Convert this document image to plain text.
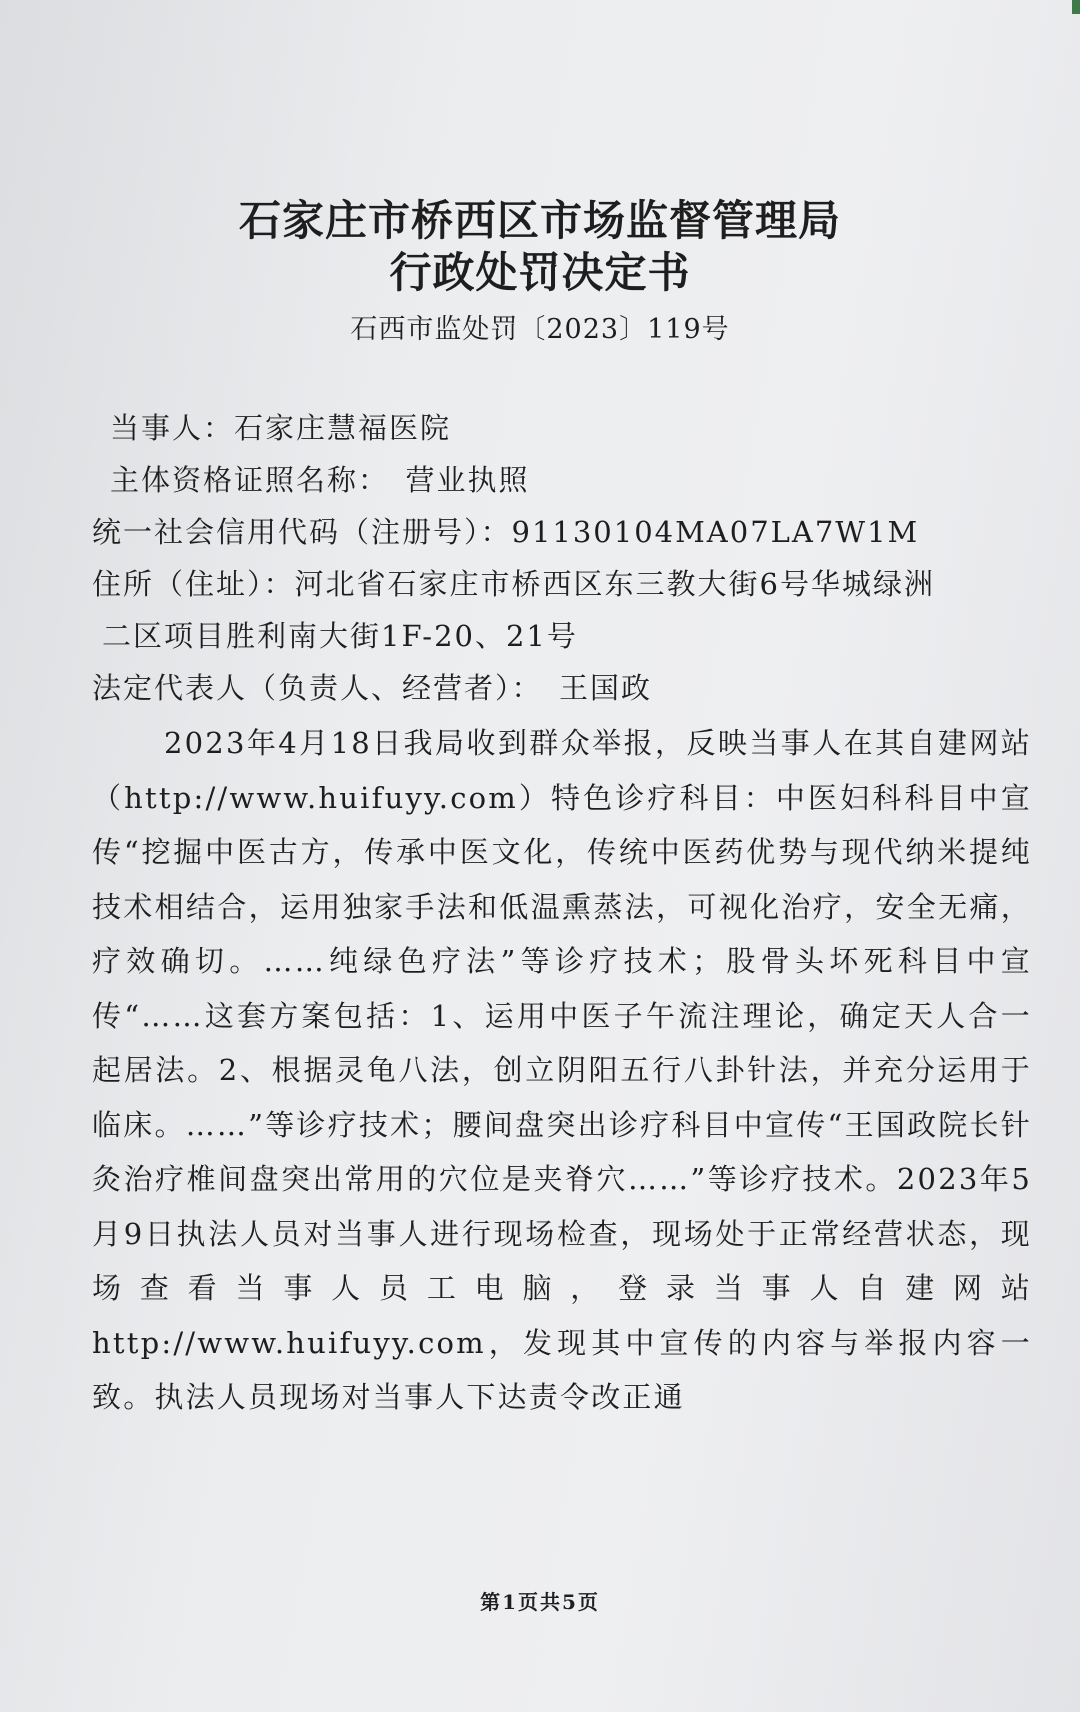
石家庄市桥西区市场监督管理局
行政处罚决定书
石西市监处罚〔2023〕119号
当事人：石家庄慧福医院
主体资格证照名称：　营业执照
统一社会信用代码（注册号）：91130104MA07LA7W1M
住所（住址）：河北省石家庄市桥西区东三教大街6号华城绿洲
二区项目胜利南大街1F-20、21号
法定代表人（负责人、经营者）：　王国政
2023年4月18日我局收到群众举报，反映当事人在其自建网站（http://www.huifuyy.com）特色诊疗科目：中医妇科科目中宣传“挖掘中医古方，传承中医文化，传统中医药优势与现代纳米提纯技术相结合，运用独家手法和低温熏蒸法，可视化治疗，安全无痛，疗效确切。……纯绿色疗法”等诊疗技术；股骨头坏死科目中宣传“……这套方案包括：1、运用中医子午流注理论，确定天人合一起居法。2、根据灵龟八法，创立阴阳五行八卦针法，并充分运用于临床。……”等诊疗技术；腰间盘突出诊疗科目中宣传“王国政院长针灸治疗椎间盘突出常用的穴位是夹脊穴……”等诊疗技术。2023年5月9日执法人员对当事人进行现场检查，现场处于正常经营状态，现场查看当事人员工电脑，登录当事人自建网站http://www.huifuyy.com，发现其中宣传的内容与举报内容一致。执法人员现场对当事人下达责令改正通
第1页共5页
